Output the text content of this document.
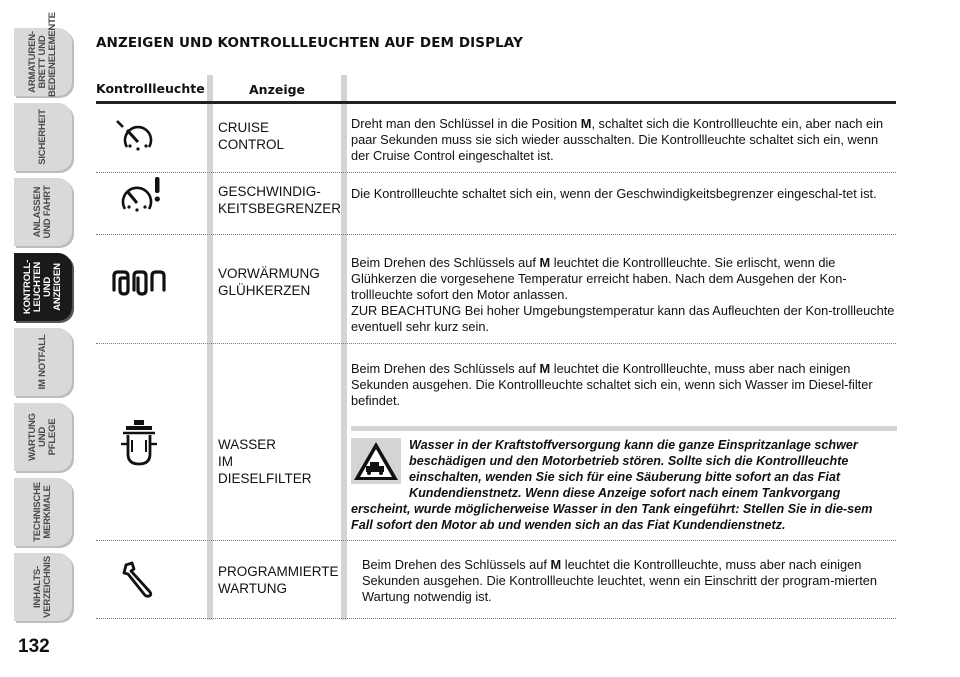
ARMATUREN-
BRETT UND
BEDIENELEMENTE
SICHERHEIT
ANLASSEN
UND FAHRT
KONTROLL-
LEUCHTEN UND
ANZEIGEN
IM NOTFALL
WARTUNG UND
PFLEGE
TECHNISCHE
MERKMALE
INHALTS-
VERZEICHNIS
132
ANZEIGEN UND KONTROLLLEUCHTEN AUF DEM DISPLAY
Kontrollleuchte	Anzeige
CRUISE
CONTROL
Dreht man den Schlüssel in die Position M, schaltet sich die Kontrollleuchte ein, aber nach ein paar Sekunden muss sie sich wieder ausschalten. Die Kontrollleuchte schaltet sich ein, wenn der Cruise Control eingeschaltet ist.
GESCHWINDIG-
KEITSBEGRENZER
Die Kontrollleuchte schaltet sich ein, wenn der Geschwindigkeitsbegrenzer eingeschal-tet ist.
VORWÄRMUNG
GLÜHKERZEN
Beim Drehen des Schlüssels auf M leuchtet die Kontrollleuchte. Sie erlischt, wenn die Glühkerzen die vorgesehene Temperatur erreicht haben. Nach dem Ausgehen der Kon-trollleuchte sofort den Motor anlassen.
ZUR BEACHTUNG Bei hoher Umgebungstemperatur kann das Aufleuchten der Kon-trollleuchte eventuell sehr kurz sein.
WASSER
IM
DIESELFILTER
Beim Drehen des Schlüssels auf M leuchtet die Kontrollleuchte, muss aber nach einigen Sekunden ausgehen. Die Kontrollleuchte schaltet sich ein, wenn sich Wasser im Diesel-filter befindet.
Wasser in der Kraftstoffversorgung kann die ganze Einspritzanlage schwer beschädigen und den Motorbetrieb stören. Sollte sich die Kontrollleuchte einschalten, wenden Sie sich für eine Säuberung bitte sofort an das Fiat Kundendienstnetz. Wenn diese Anzeige sofort nach einem Tankvorgang erscheint, wurde möglicherweise Wasser in den Tank eingeführt: Stellen Sie in die-sem Fall sofort den Motor ab und wenden sich an das Fiat Kundendienstnetz.
PROGRAMMIERTE
WARTUNG
Beim Drehen des Schlüssels auf M leuchtet die Kontrollleuchte, muss aber nach einigen Sekunden ausgehen. Die Kontrollleuchte leuchtet, wenn ein Einschritt der program-mierten Wartung notwendig ist.
